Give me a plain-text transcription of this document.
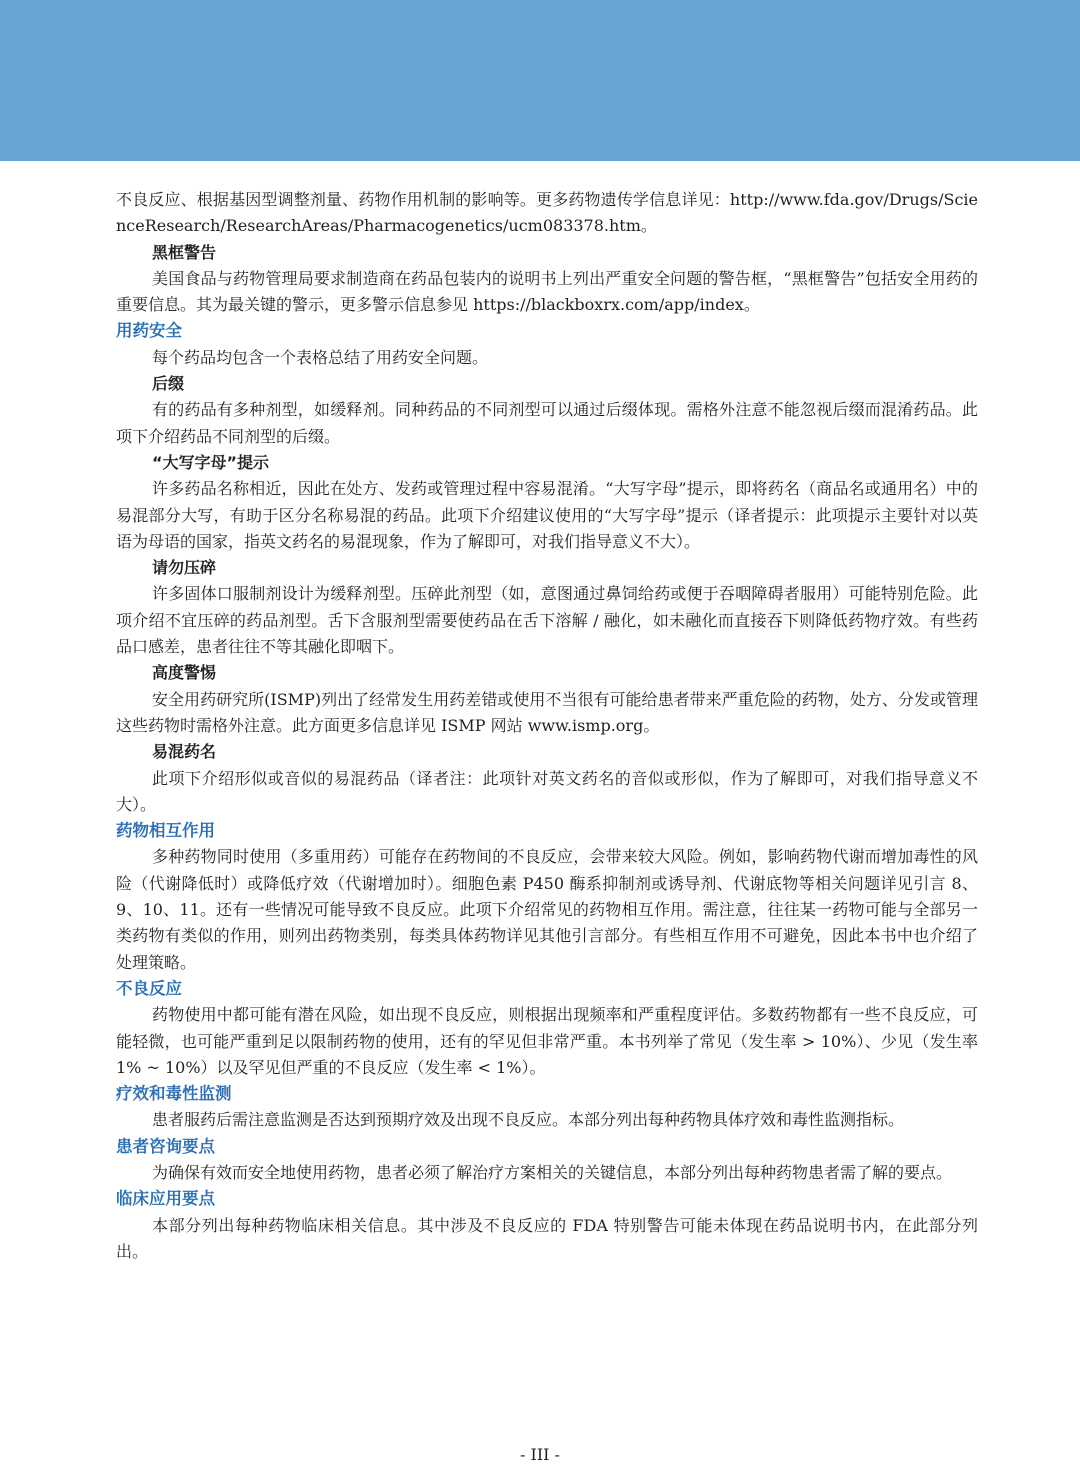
不良反应、根据基因型调整剂量、药物作用机制的影响等。更多药物遗传学信息详见：http://www.fda.gov/Drugs/ScienceResearch/ResearchAreas/Pharmacogenetics/ucm083378.htm。

黑框警告

美国食品与药物管理局要求制造商在药品包装内的说明书上列出严重安全问题的警告框，“黑框警告”包括安全用药的重要信息。其为最关键的警示，更多警示信息参见 https://blackboxrx.com/app/index。

用药安全

每个药品均包含一个表格总结了用药安全问题。

后缀

有的药品有多种剂型，如缓释剂。同种药品的不同剂型可以通过后缀体现。需格外注意不能忽视后缀而混淆药品。此项下介绍药品不同剂型的后缀。

“大写字母”提示

许多药品名称相近，因此在处方、发药或管理过程中容易混淆。“大写字母”提示，即将药名（商品名或通用名）中的易混部分大写，有助于区分名称易混的药品。此项下介绍建议使用的“大写字母”提示（译者提示：此项提示主要针对以英语为母语的国家，指英文药名的易混现象，作为了解即可，对我们指导意义不大）。

请勿压碎

许多固体口服制剂设计为缓释剂型。压碎此剂型（如，意图通过鼻饲给药或便于吞咽障碍者服用）可能特别危险。此项介绍不宜压碎的药品剂型。舌下含服剂型需要使药品在舌下溶解 / 融化，如未融化而直接吞下则降低药物疗效。有些药品口感差，患者往往不等其融化即咽下。

高度警惕

安全用药研究所(ISMP)列出了经常发生用药差错或使用不当很有可能给患者带来严重危险的药物，处方、分发或管理这些药物时需格外注意。此方面更多信息详见 ISMP 网站 www.ismp.org。

易混药名

此项下介绍形似或音似的易混药品（译者注：此项针对英文药名的音似或形似，作为了解即可，对我们指导意义不大）。

药物相互作用

多种药物同时使用（多重用药）可能存在药物间的不良反应，会带来较大风险。例如，影响药物代谢而增加毒性的风险（代谢降低时）或降低疗效（代谢增加时）。细胞色素 P450 酶系抑制剂或诱导剂、代谢底物等相关问题详见引言 8、9、10、11。还有一些情况可能导致不良反应。此项下介绍常见的药物相互作用。需注意，往往某一药物可能与全部另一类药物有类似的作用，则列出药物类别，每类具体药物详见其他引言部分。有些相互作用不可避免，因此本书中也介绍了处理策略。

不良反应

药物使用中都可能有潜在风险，如出现不良反应，则根据出现频率和严重程度评估。多数药物都有一些不良反应，可能轻微，也可能严重到足以限制药物的使用，还有的罕见但非常严重。本书列举了常见（发生率 > 10%）、少见（发生率 1% ~ 10%）以及罕见但严重的不良反应（发生率 < 1%）。

疗效和毒性监测

患者服药后需注意监测是否达到预期疗效及出现不良反应。本部分列出每种药物具体疗效和毒性监测指标。

患者咨询要点

为确保有效而安全地使用药物，患者必须了解治疗方案相关的关键信息，本部分列出每种药物患者需了解的要点。

临床应用要点

本部分列出每种药物临床相关信息。其中涉及不良反应的 FDA 特别警告可能未体现在药品说明书内，在此部分列出。

- III -
